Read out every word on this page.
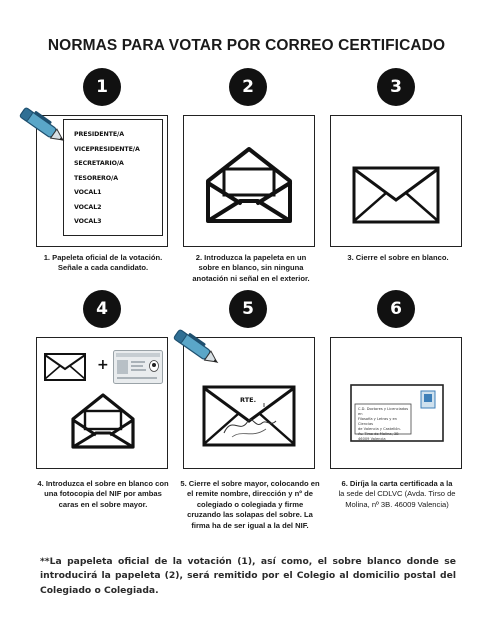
NORMAS PARA VOTAR POR CORREO CERTIFICADO
1	2	3
4	5	6
PRESIDENTE/A
VICEPRESIDENTE/A
SECRETARIO/A
TESORERO/A
VOCAL1
VOCAL2
VOCAL3
+
RTE.
C.D. Doctores y Licenciados en
Filosofía y Letras y en Ciencias
de Valencia y Castellón.
Av. Tirso de Molina, 3B
46009 Valencia
1. Papeleta oficial de la votación. Señale a cada candidato.
2. Introduzca la papeleta en un sobre en blanco, sin ninguna anotación ni señal en el exterior.
3. Cierre el sobre en blanco.
4. Introduzca el sobre en blanco con una fotocopia del NIF por ambas caras en el sobre mayor.
5. Cierre el sobre mayor, colocando en el remite nombre, dirección y nº de colegiado o colegiada y firme cruzando las solapas del sobre. La firma ha de ser igual a la del NIF.
6. Diríja la carta certificada a la
la sede del CDLVC (Avda. Tirso de Molina, nº 3B. 46009 Valencia)
**La papeleta oficial de la votación (1), así como, el sobre blanco donde se introducirá la papeleta (2), será remitido por el Colegio al domicilio postal del Colegiado o Colegiada.
